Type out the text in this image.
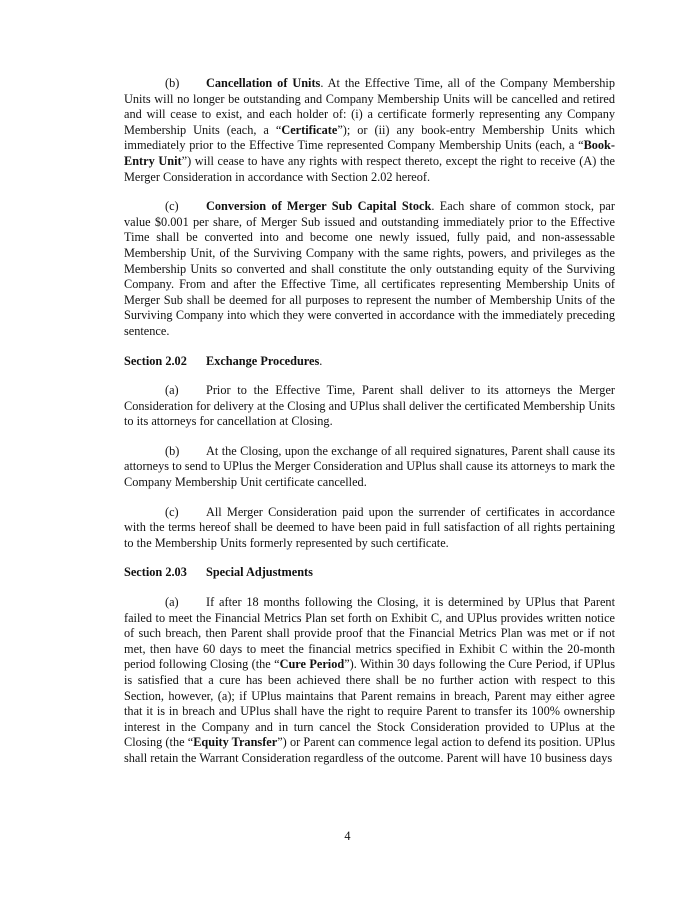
(b) Cancellation of Units. At the Effective Time, all of the Company Membership Units will no longer be outstanding and Company Membership Units will be cancelled and retired and will cease to exist, and each holder of: (i) a certificate formerly representing any Company Membership Units (each, a “Certificate”); or (ii) any book-entry Membership Units which immediately prior to the Effective Time represented Company Membership Units (each, a “Book-Entry Unit”) will cease to have any rights with respect thereto, except the right to receive (A) the Merger Consideration in accordance with Section 2.02 hereof.

(c) Conversion of Merger Sub Capital Stock. Each share of common stock, par value $0.001 per share, of Merger Sub issued and outstanding immediately prior to the Effective Time shall be converted into and become one newly issued, fully paid, and non-assessable Membership Unit, of the Surviving Company with the same rights, powers, and privileges as the Membership Units so converted and shall constitute the only outstanding equity of the Surviving Company. From and after the Effective Time, all certificates representing Membership Units of Merger Sub shall be deemed for all purposes to represent the number of Membership Units of the Surviving Company into which they were converted in accordance with the immediately preceding sentence.

Section 2.02 Exchange Procedures.

(a) Prior to the Effective Time, Parent shall deliver to its attorneys the Merger Consideration for delivery at the Closing and UPlus shall deliver the certificated Membership Units to its attorneys for cancellation at Closing.

(b) At the Closing, upon the exchange of all required signatures, Parent shall cause its attorneys to send to UPlus the Merger Consideration and UPlus shall cause its attorneys to mark the Company Membership Unit certificate cancelled.

(c) All Merger Consideration paid upon the surrender of certificates in accordance with the terms hereof shall be deemed to have been paid in full satisfaction of all rights pertaining to the Membership Units formerly represented by such certificate.

Section 2.03 Special Adjustments

(a) If after 18 months following the Closing, it is determined by UPlus that Parent failed to meet the Financial Metrics Plan set forth on Exhibit C, and UPlus provides written notice of such breach, then Parent shall provide proof that the Financial Metrics Plan was met or if not met, then have 60 days to meet the financial metrics specified in Exhibit C within the 20-month period following Closing (the “Cure Period”). Within 30 days following the Cure Period, if UPlus is satisfied that a cure has been achieved there shall be no further action with respect to this Section, however, (a); if UPlus maintains that Parent remains in breach, Parent may either agree that it is in breach and UPlus shall have the right to require Parent to transfer its 100% ownership interest in the Company and in turn cancel the Stock Consideration provided to UPlus at the Closing (the “Equity Transfer”) or Parent can commence legal action to defend its position. UPlus shall retain the Warrant Consideration regardless of the outcome. Parent will have 10 business days

4
